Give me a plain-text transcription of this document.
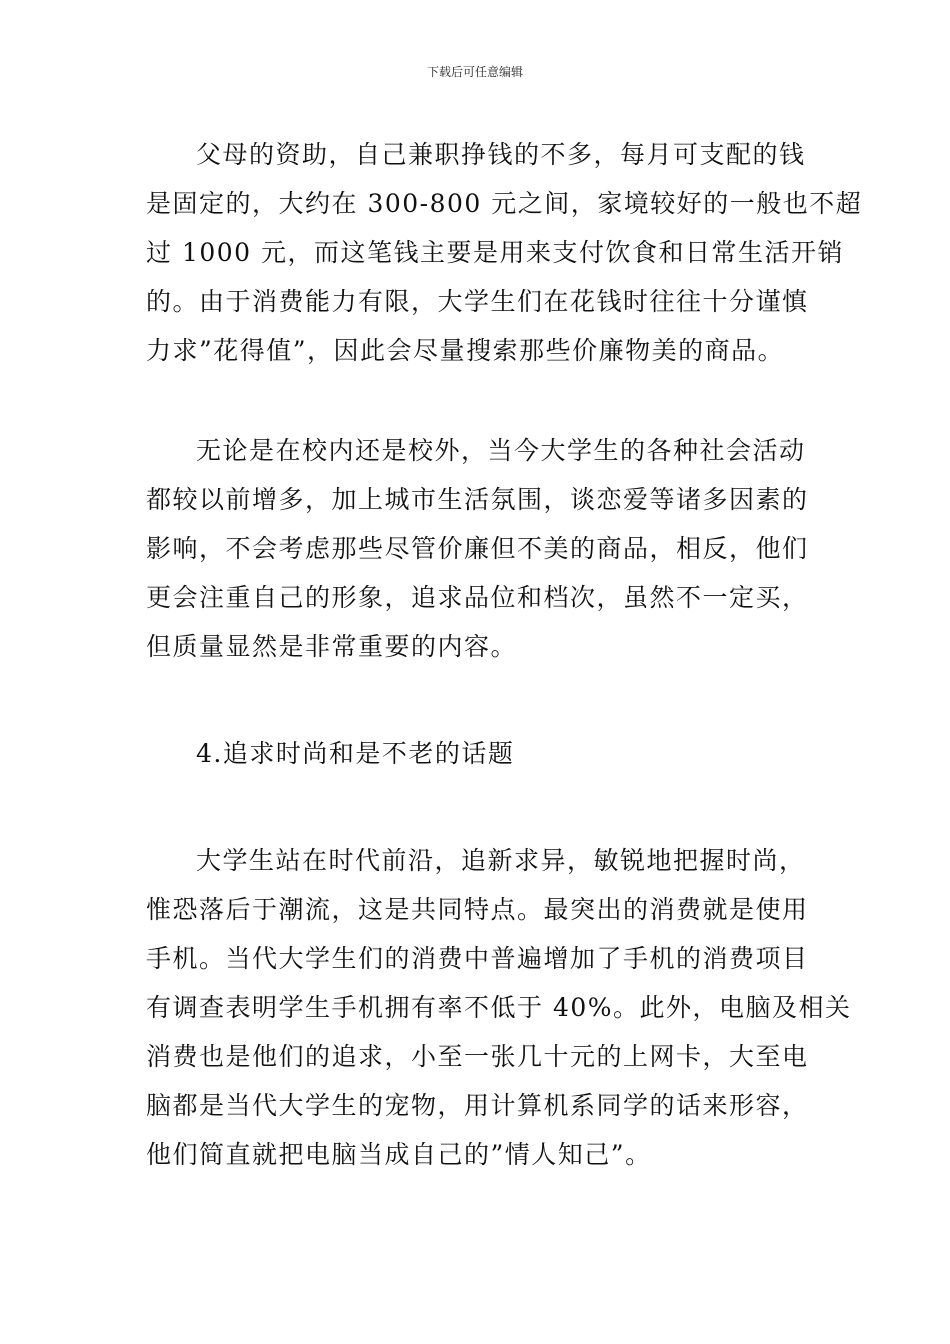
下载后可任意编辑

父母的资助，自己兼职挣钱的不多，每月可支配的钱
是固定的，大约在 300-800 元之间，家境较好的一般也不超
过 1000 元，而这笔钱主要是用来支付饮食和日常生活开销
的。由于消费能力有限，大学生们在花钱时往往十分谨慎
力求”花得值”，因此会尽量搜索那些价廉物美的商品。

无论是在校内还是校外，当今大学生的各种社会活动
都较以前增多，加上城市生活氛围，谈恋爱等诸多因素的
影响，不会考虑那些尽管价廉但不美的商品，相反，他们
更会注重自己的形象，追求品位和档次，虽然不一定买，
但质量显然是非常重要的内容。

4.追求时尚和是不老的话题

大学生站在时代前沿，追新求异，敏锐地把握时尚，
惟恐落后于潮流，这是共同特点。最突出的消费就是使用
手机。当代大学生们的消费中普遍增加了手机的消费项目
有调查表明学生手机拥有率不低于 40%。此外，电脑及相关
消费也是他们的追求，小至一张几十元的上网卡，大至电
脑都是当代大学生的宠物，用计算机系同学的话来形容，
他们简直就把电脑当成自己的”情人知己”。
